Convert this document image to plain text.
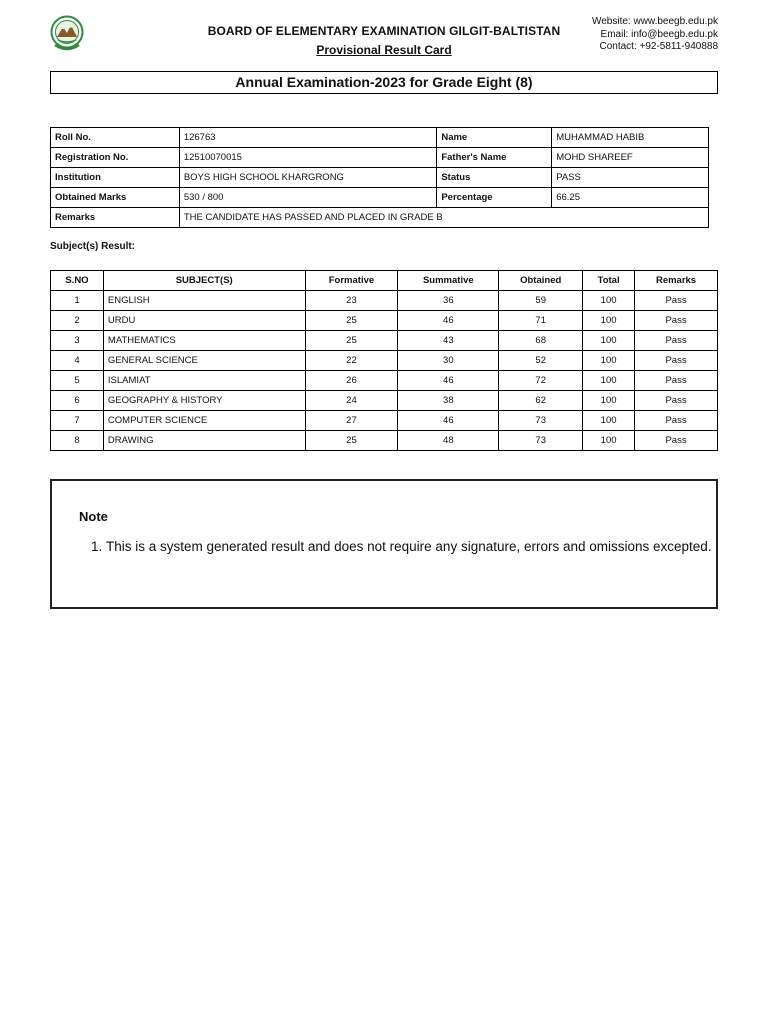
BOARD OF ELEMENTARY EXAMINATION GILGIT-BALTISTAN
Provisional Result Card
Website: www.beegb.edu.pk
Email: info@beegb.edu.pk
Contact: +92-5811-940888
Annual Examination-2023 for Grade Eight (8)
Roll No.	126763	Name	MUHAMMAD HABIB
Registration No.	12510070015	Father's Name	MOHD SHAREEF
Institution	BOYS HIGH SCHOOL KHARGRONG	Status	PASS
Obtained Marks	530 / 800	Percentage	66.25
Remarks	THE CANDIDATE HAS PASSED AND PLACED IN GRADE B		
Subject(s) Result:
S.NO	SUBJECT(S)	Formative	Summative	Obtained	Total	Remarks
1	ENGLISH	23	36	59	100	Pass
2	URDU	25	46	71	100	Pass
3	MATHEMATICS	25	43	68	100	Pass
4	GENERAL SCIENCE	22	30	52	100	Pass
5	ISLAMIAT	26	46	72	100	Pass
6	GEOGRAPHY & HISTORY	24	38	62	100	Pass
7	COMPUTER SCIENCE	27	46	73	100	Pass
8	DRAWING	25	48	73	100	Pass
Note
1. This is a system generated result and does not require any signature, errors and omissions excepted.
